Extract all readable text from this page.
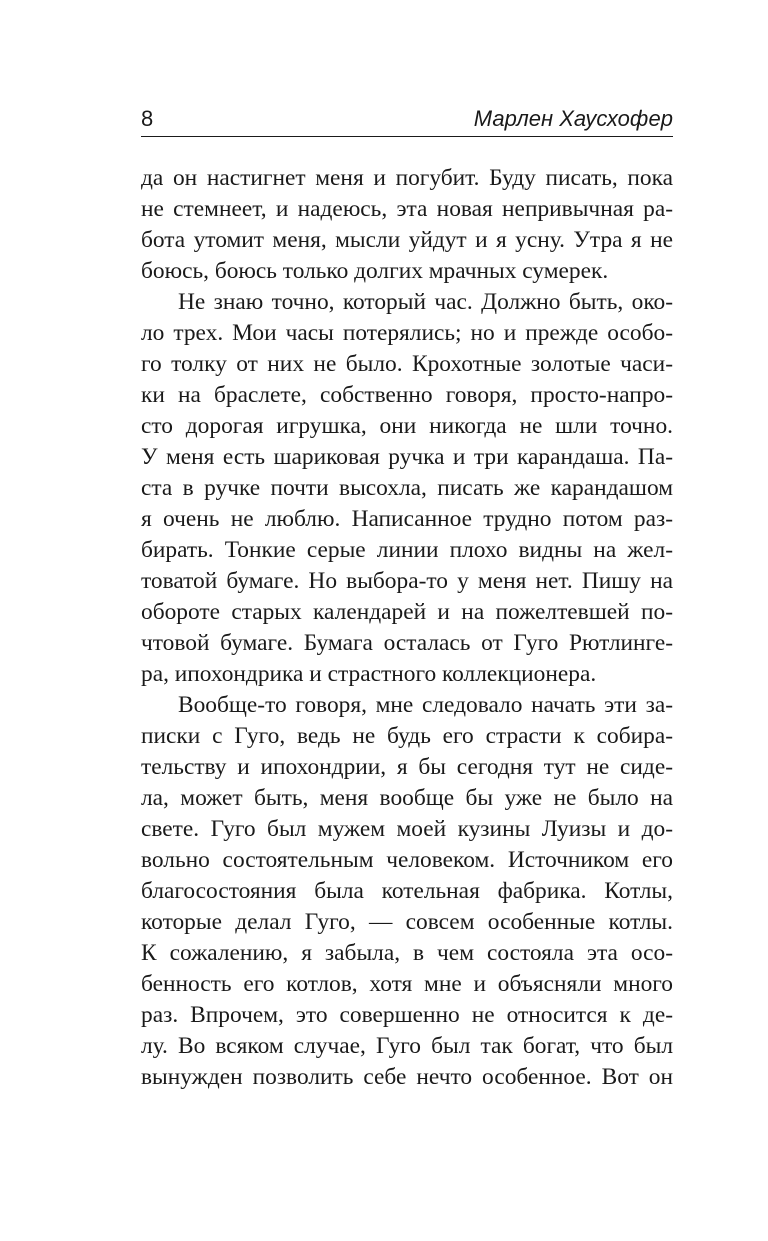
8	Марлен Хаусхофер
да он настигнет меня и погубит. Буду писать, пока
не стемнеет, и надеюсь, эта новая непривычная ра-
бота утомит меня, мысли уйдут и я усну. Утра я не
боюсь, боюсь только долгих мрачных сумерек.
Не знаю точно, который час. Должно быть, око-
ло трех. Мои часы потерялись; но и прежде особо-
го толку от них не было. Крохотные золотые часи-
ки на браслете, собственно говоря, просто-напро-
сто дорогая игрушка, они никогда не шли точно.
У меня есть шариковая ручка и три карандаша. Па-
ста в ручке почти высохла, писать же карандашом
я очень не люблю. Написанное трудно потом раз-
бирать. Тонкие серые линии плохо видны на жел-
товатой бумаге. Но выбора-то у меня нет. Пишу на
обороте старых календарей и на пожелтевшей по-
чтовой бумаге. Бумага осталась от Гуго Рютлинге-
ра, ипохондрика и страстного коллекционера.
Вообще-то говоря, мне следовало начать эти за-
писки с Гуго, ведь не будь его страсти к собира-
тельству и ипохондрии, я бы сегодня тут не сиде-
ла, может быть, меня вообще бы уже не было на
свете. Гуго был мужем моей кузины Луизы и до-
вольно состоятельным человеком. Источником его
благосостояния была котельная фабрика. Котлы,
которые делал Гуго, — совсем особенные котлы.
К сожалению, я забыла, в чем состояла эта осо-
бенность его котлов, хотя мне и объясняли много
раз. Впрочем, это совершенно не относится к де-
лу. Во всяком случае, Гуго был так богат, что был
вынужден позволить себе нечто особенное. Вот он
